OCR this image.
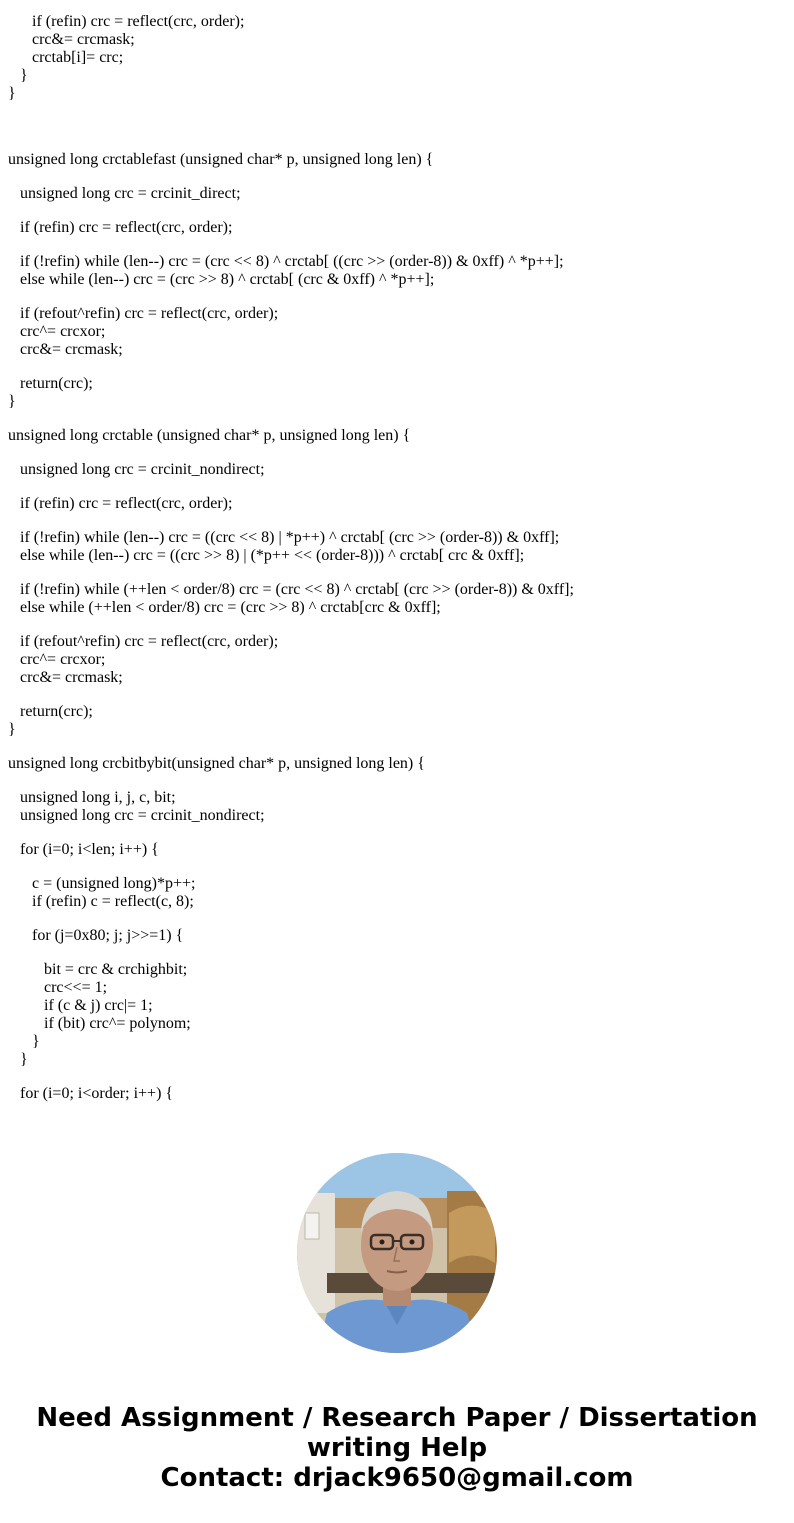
if (refin) crc = reflect(crc, order);
crc&= crcmask;
crctab[i]= crc;
}
}
unsigned long crctablefast (unsigned char* p, unsigned long len) {
unsigned long crc = crcinit_direct;
if (refin) crc = reflect(crc, order);
if (!refin) while (len--) crc = (crc << 8) ^ crctab[ ((crc >> (order-8)) & 0xff) ^ *p++];
else while (len--) crc = (crc >> 8) ^ crctab[ (crc & 0xff) ^ *p++];
if (refout^refin) crc = reflect(crc, order);
crc^= crcxor;
crc&= crcmask;
return(crc);
}
unsigned long crctable (unsigned char* p, unsigned long len) {
unsigned long crc = crcinit_nondirect;
if (refin) crc = reflect(crc, order);
if (!refin) while (len--) crc = ((crc << 8) | *p++) ^ crctab[ (crc >> (order-8)) & 0xff];
else while (len--) crc = ((crc >> 8) | (*p++ << (order-8))) ^ crctab[ crc & 0xff];
if (!refin) while (++len < order/8) crc = (crc << 8) ^ crctab[ (crc >> (order-8)) & 0xff];
else while (++len < order/8) crc = (crc >> 8) ^ crctab[crc & 0xff];
if (refout^refin) crc = reflect(crc, order);
crc^= crcxor;
crc&= crcmask;
return(crc);
}
unsigned long crcbitbybit(unsigned char* p, unsigned long len) {
unsigned long i, j, c, bit;
unsigned long crc = crcinit_nondirect;
for (i=0; i<len; i++) {
c = (unsigned long)*p++;
if (refin) c = reflect(c, 8);
for (j=0x80; j; j>>=1) {
bit = crc & crchighbit;
crc<<= 1;
if (c & j) crc|= 1;
if (bit) crc^= polynom;
}
}
for (i=0; i<order; i++) {
Need Assignment / Research Paper / Dissertation
writing Help
Contact: drjack9650@gmail.com
